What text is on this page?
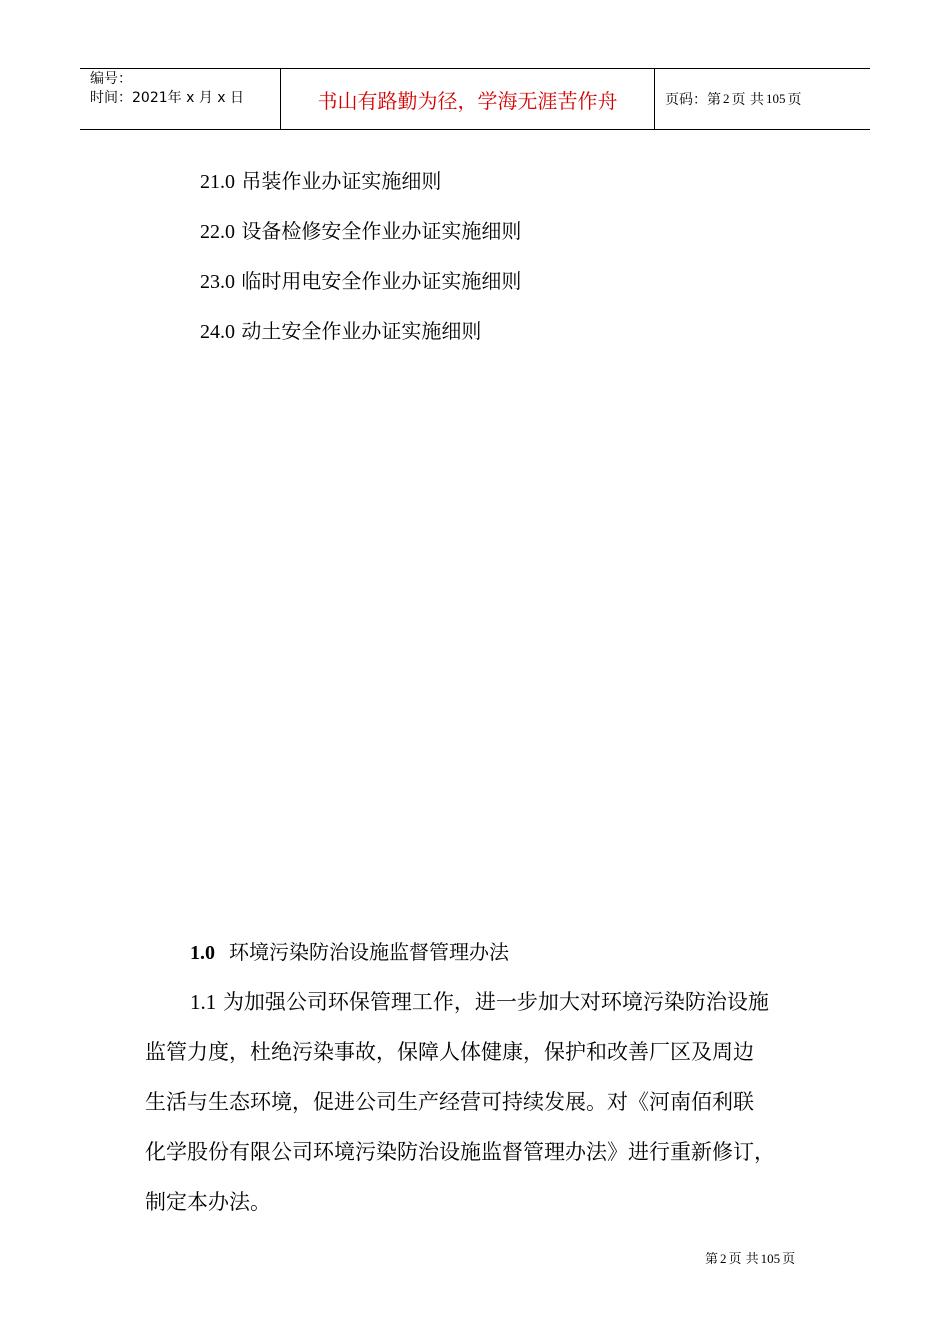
编号：
时间：2021年 x 月 x 日	书山有路勤为径，学海无涯苦作舟	页码：第 2 页 共 105 页
21.0 吊装作业办证实施细则
22.0 设备检修安全作业办证实施细则
23.0 临时用电安全作业办证实施细则
24.0 动土安全作业办证实施细则
1.0 环境污染防治设施监督管理办法
1.1 为加强公司环保管理工作，进一步加大对环境污染防治设施
监管力度，杜绝污染事故，保障人体健康，保护和改善厂区及周边
生活与生态环境，促进公司生产经营可持续发展。对《河南佰利联
化学股份有限公司环境污染防治设施监督管理办法》进行重新修订，
制定本办法。
第 2 页 共 105 页
